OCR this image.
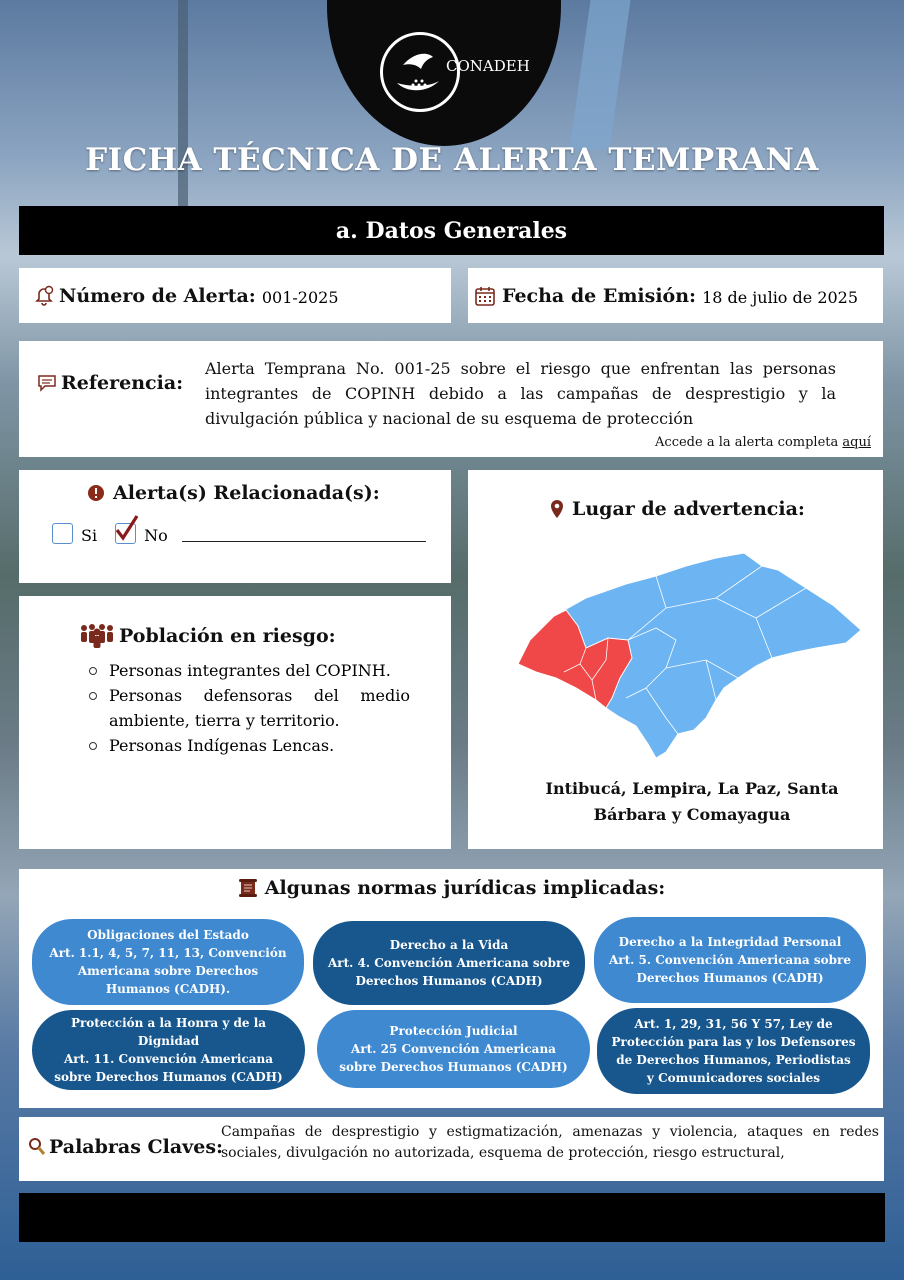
CONADEH
FICHA TÉCNICA DE ALERTA TEMPRANA
a. Datos Generales
Número de Alerta: 001-2025	Fecha de Emisión: 18 de julio de 2025
Referencia:
Alerta Temprana No. 001-25 sobre el riesgo que enfrentan las personas integrantes de COPINH debido a las campañas de desprestigio y la divulgación pública y nacional de su esquema de protección
Accede a la alerta completa aquí
Alerta(s) Relacionada(s):
Si	No
Población en riesgo:
Personas integrantes del COPINH.
Personas defensoras del medio ambiente, tierra y territorio.
Personas Indígenas Lencas.
Lugar de advertencia:
Intibucá, Lempira, La Paz, Santa Bárbara y Comayagua
Algunas normas jurídicas implicadas:
Obligaciones del Estado
Art. 1.1, 4, 5, 7, 11, 13, Convención Americana sobre Derechos Humanos (CADH).
Derecho a la Vida
Art. 4. Convención Americana sobre Derechos Humanos (CADH)
Derecho a la Integridad Personal
Art. 5. Convención Americana sobre Derechos Humanos (CADH)
Protección a la Honra y de la Dignidad
Art. 11. Convención Americana sobre Derechos Humanos (CADH)
Protección Judicial
Art. 25 Convención Americana sobre Derechos Humanos (CADH)
Art. 1, 29, 31, 56 Y 57, Ley de Protección para las y los Defensores de Derechos Humanos, Periodistas y Comunicadores sociales
Palabras Claves:
Campañas de desprestigio y estigmatización, amenazas y violencia, ataques en redes sociales, divulgación no autorizada, esquema de protección, riesgo estructural,
